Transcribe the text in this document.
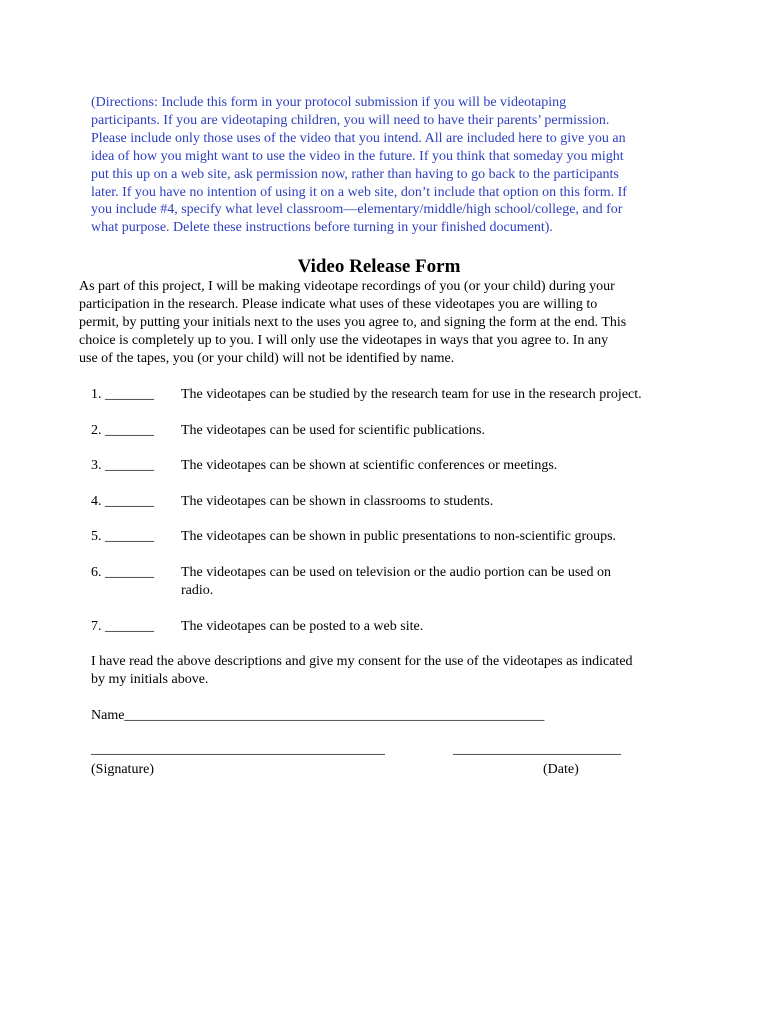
(Directions: Include this form in your protocol submission if you will be videotaping
participants. If you are videotaping children, you will need to have their parents’ permission.
Please include only those uses of the video that you intend. All are included here to give you an
idea of how you might want to use the video in the future. If you think that someday you might
put this up on a web site, ask permission now, rather than having to go back to the participants
later. If you have no intention of using it on a web site, don’t include that option on this form. If
you include #4, specify what level classroom—elementary/middle/high school/college, and for
what purpose. Delete these instructions before turning in your finished document).
Video Release Form
As part of this project, I will be making videotape recordings of you (or your child) during your
participation in the research. Please indicate what uses of these videotapes you are willing to
permit, by putting your initials next to the uses you agree to, and signing the form at the end. This
choice is completely up to you. I will only use the videotapes in ways that you agree to. In any
use of the tapes, you (or your child) will not be identified by name.
1. _______ The videotapes can be studied by the research team for use in the research project.
2. _______ The videotapes can be used for scientific publications.
3. _______ The videotapes can be shown at scientific conferences or meetings.
4. _______ The videotapes can be shown in classrooms to students.
5. _______ The videotapes can be shown in public presentations to non-scientific groups.
6. _______ The videotapes can be used on television or the audio portion can be used on
radio.
7. _______ The videotapes can be posted to a web site.
I have read the above descriptions and give my consent for the use of the videotapes as indicated
by my initials above.
Name____________________________________________________________
__________________________________________	________________________
(Signature)	(Date)
